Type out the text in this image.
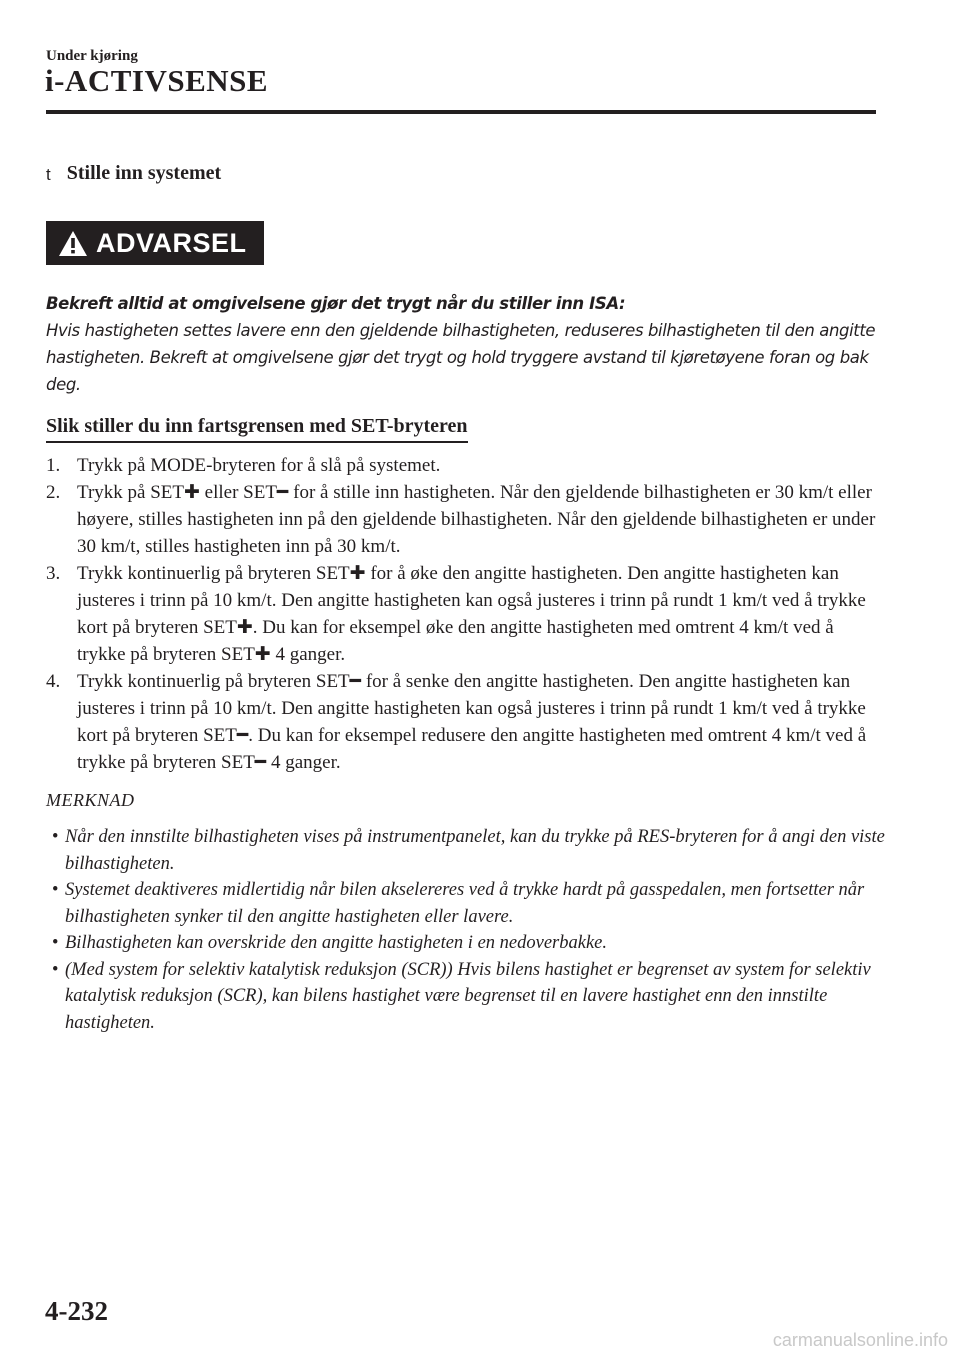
Under kjøring
i-ACTIVSENSE
t Stille inn systemet
ADVARSEL

Bekreft alltid at omgivelsene gjør det trygt når du stiller inn ISA:

Hvis hastigheten settes lavere enn den gjeldende bilhastigheten, reduseres bilhastigheten til den angitte hastigheten. Bekreft at omgivelsene gjør det trygt og hold tryggere avstand til kjøretøyene foran og bak deg.

Slik stiller du inn fartsgrensen med SET-bryteren
1. Trykk på MODE-bryteren for å slå på systemet.
2. Trykk på SET✚ eller SET━ for å stille inn hastigheten. Når den gjeldende bilhastigheten er 30 km/t eller høyere, stilles hastigheten inn på den gjeldende bilhastigheten. Når den gjeldende bilhastigheten er under 30 km/t, stilles hastigheten inn på 30 km/t.
3. Trykk kontinuerlig på bryteren SET✚ for å øke den angitte hastigheten. Den angitte hastigheten kan justeres i trinn på 10 km/t. Den angitte hastigheten kan også justeres i trinn på rundt 1 km/t ved å trykke kort på bryteren SET✚. Du kan for eksempel øke den angitte hastigheten med omtrent 4 km/t ved å trykke på bryteren SET✚ 4 ganger.
4. Trykk kontinuerlig på bryteren SET━ for å senke den angitte hastigheten. Den angitte hastigheten kan justeres i trinn på 10 km/t. Den angitte hastigheten kan også justeres i trinn på rundt 1 km/t ved å trykke kort på bryteren SET━. Du kan for eksempel redusere den angitte hastigheten med omtrent 4 km/t ved å trykke på bryteren SET━ 4 ganger.
MERKNAD
• Når den innstilte bilhastigheten vises på instrumentpanelet, kan du trykke på RES-bryteren for å angi den viste bilhastigheten.
• Systemet deaktiveres midlertidig når bilen akselereres ved å trykke hardt på gasspedalen, men fortsetter når bilhastigheten synker til den angitte hastigheten eller lavere.
• Bilhastigheten kan overskride den angitte hastigheten i en nedoverbakke.
• (Med system for selektiv katalytisk reduksjon (SCR)) Hvis bilens hastighet er begrenset av system for selektiv katalytisk reduksjon (SCR), kan bilens hastighet være begrenset til en lavere hastighet enn den innstilte hastigheten.
4-232
carmanualsonline.info
